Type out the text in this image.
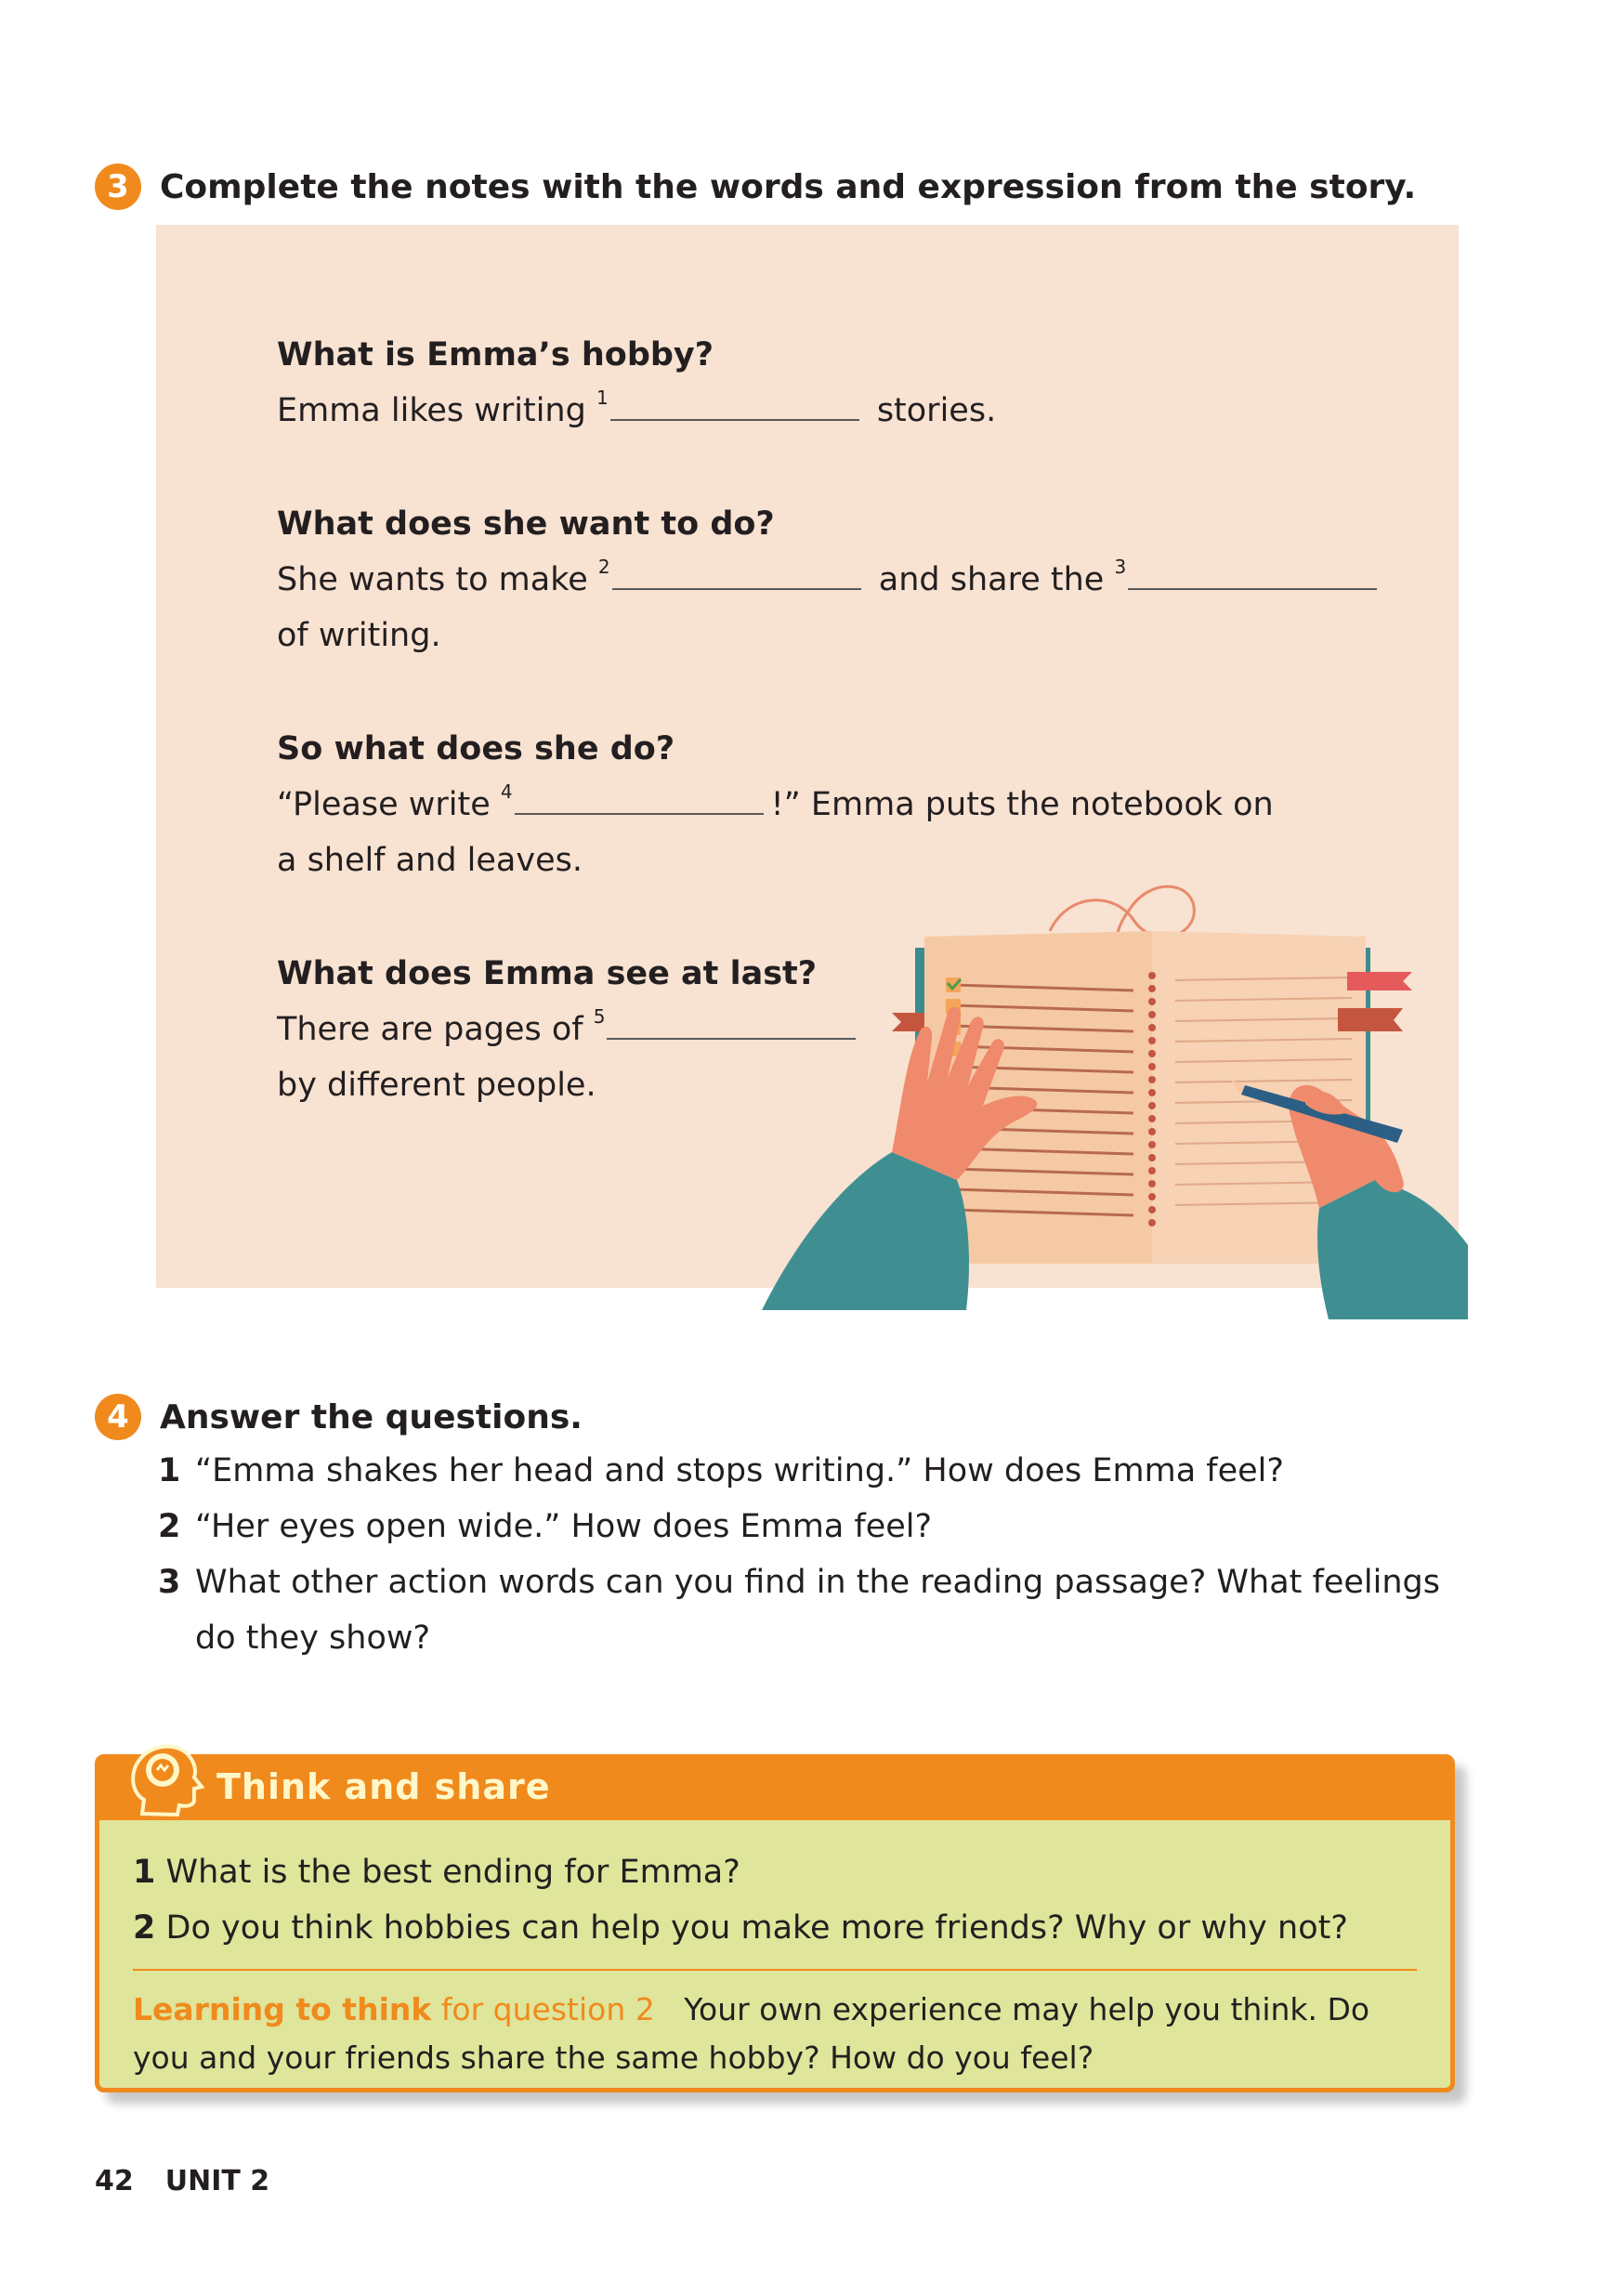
3 Complete the notes with the words and expression from the story.
What is Emma’s hobby?
Emma likes writing $^1$	stories.
What does she want to do?
She wants to make $^2$	and share the $^3$
of writing.
So what does she do?
“Please write $^4$	!” Emma puts the notebook on
a shelf and leaves.
What does Emma see at last?
There are pages of $^5$
by different people.
4 Answer the questions.
1 “Emma shakes her head and stops writing.” How does Emma feel?
2 “Her eyes open wide.” How does Emma feel?
3 What other action words can you find in the reading passage? What feelings
do they show?
Think and share
1 What is the best ending for Emma?
2 Do you think hobbies can help you make more friends? Why or why not?
Learning to think for question 2 Your own experience may help you think. Do you and your friends share the same hobby? How do you feel?
42 UNIT 2
